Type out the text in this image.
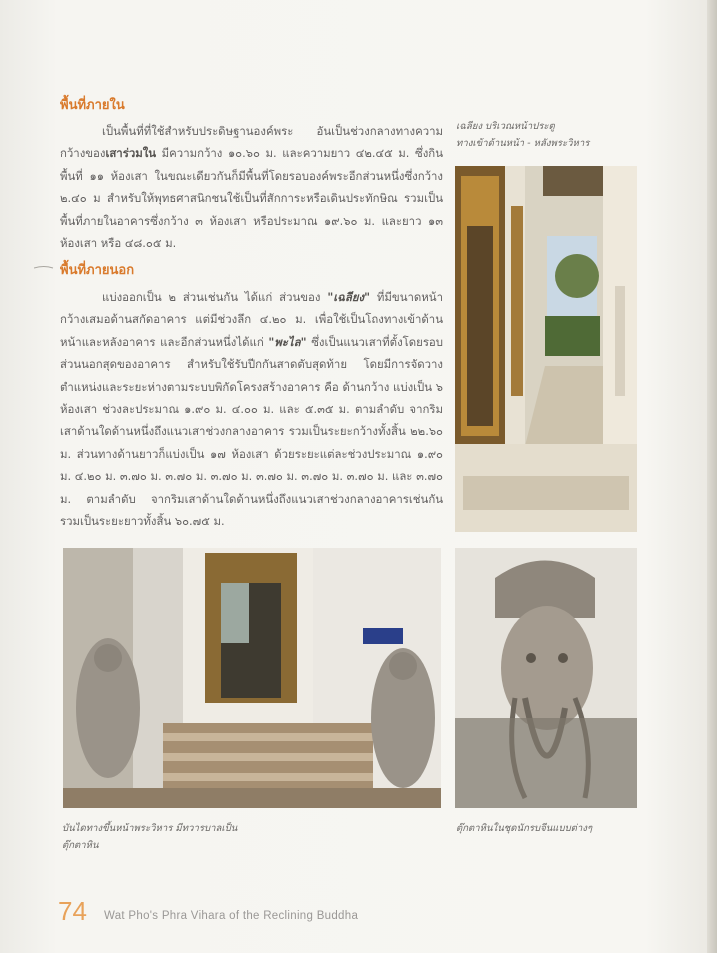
พื้นที่ภายใน

เป็นพื้นที่ที่ใช้สำหรับประดิษฐานองค์พระ อันเป็นช่วงกลางทางความกว้างของเสาร่วมใน มีความกว้าง ๑๐.๖๐ ม. และความยาว ๔๒.๔๕ ม. ซึ่งกินพื้นที่ ๑๑ ห้องเสา ในขณะเดียวกันก็มีพื้นที่โดยรอบองค์พระอีกส่วนหนึ่งซึ่งกว้าง ๒.๔๐ ม สำหรับให้พุทธศาสนิกชนใช้เป็นที่สักการะหรือเดินประทักษิณ รวมเป็นพื้นที่ภายในอาคารซึ่งกว้าง ๓ ห้องเสา หรือประมาณ ๑๙.๖๐ ม. และยาว ๑๓ ห้องเสา หรือ ๔๘.๐๕ ม.

พื้นที่ภายนอก

แบ่งออกเป็น ๒ ส่วนเช่นกัน ได้แก่ ส่วนของ "เฉลียง" ที่มีขนาดหน้ากว้างเสมอด้านสกัดอาคาร แต่มีช่วงลึก ๔.๒๐ ม. เพื่อใช้เป็นโถงทางเข้าด้านหน้าและหลังอาคาร และอีกส่วนหนึ่งได้แก่ "พะไล" ซึ่งเป็นแนวเสาที่ตั้งโดยรอบส่วนนอกสุดของอาคาร สำหรับใช้รับปีกกันสาดตับสุดท้าย โดยมีการจัดวางตำแหน่งและระยะห่างตามระบบพิกัดโครงสร้างอาคาร คือ ด้านกว้าง แบ่งเป็น ๖ ห้องเสา ช่วงละประมาณ ๑.๙๐ ม. ๔.๐๐ ม. และ ๕.๓๕ ม. ตามลำดับ จากริมเสาด้านใดด้านหนึ่งถึงแนวเสาช่วงกลางอาคาร รวมเป็นระยะกว้างทั้งสิ้น ๒๒.๖๐ ม. ส่วนทางด้านยาวก็แบ่งเป็น ๑๗ ห้องเสา ด้วยระยะแต่ละช่วงประมาณ ๑.๙๐ ม. ๔.๒๐ ม. ๓.๗๐ ม. ๓.๗๐ ม. ๓.๗๐ ม. ๓.๗๐ ม. ๓.๗๐ ม. ๓.๗๐ ม. และ ๓.๗๐ ม. ตามลำดับ จากริมเสาด้านใดด้านหนึ่งถึงแนวเสาช่วงกลางอาคารเช่นกัน รวมเป็นระยะยาวทั้งสิ้น ๖๐.๗๕ ม.

เฉลียง บริเวณหน้าประตู
ทางเข้าด้านหน้า - หลังพระวิหาร
บันไดทางขึ้นหน้าพระวิหาร มีทวารบาลเป็น
ตุ๊กตาหิน
ตุ๊กตาหินในชุดนักรบจีนแบบต่างๆ
74 Wat Pho's Phra Vihara of the Reclining Buddha
